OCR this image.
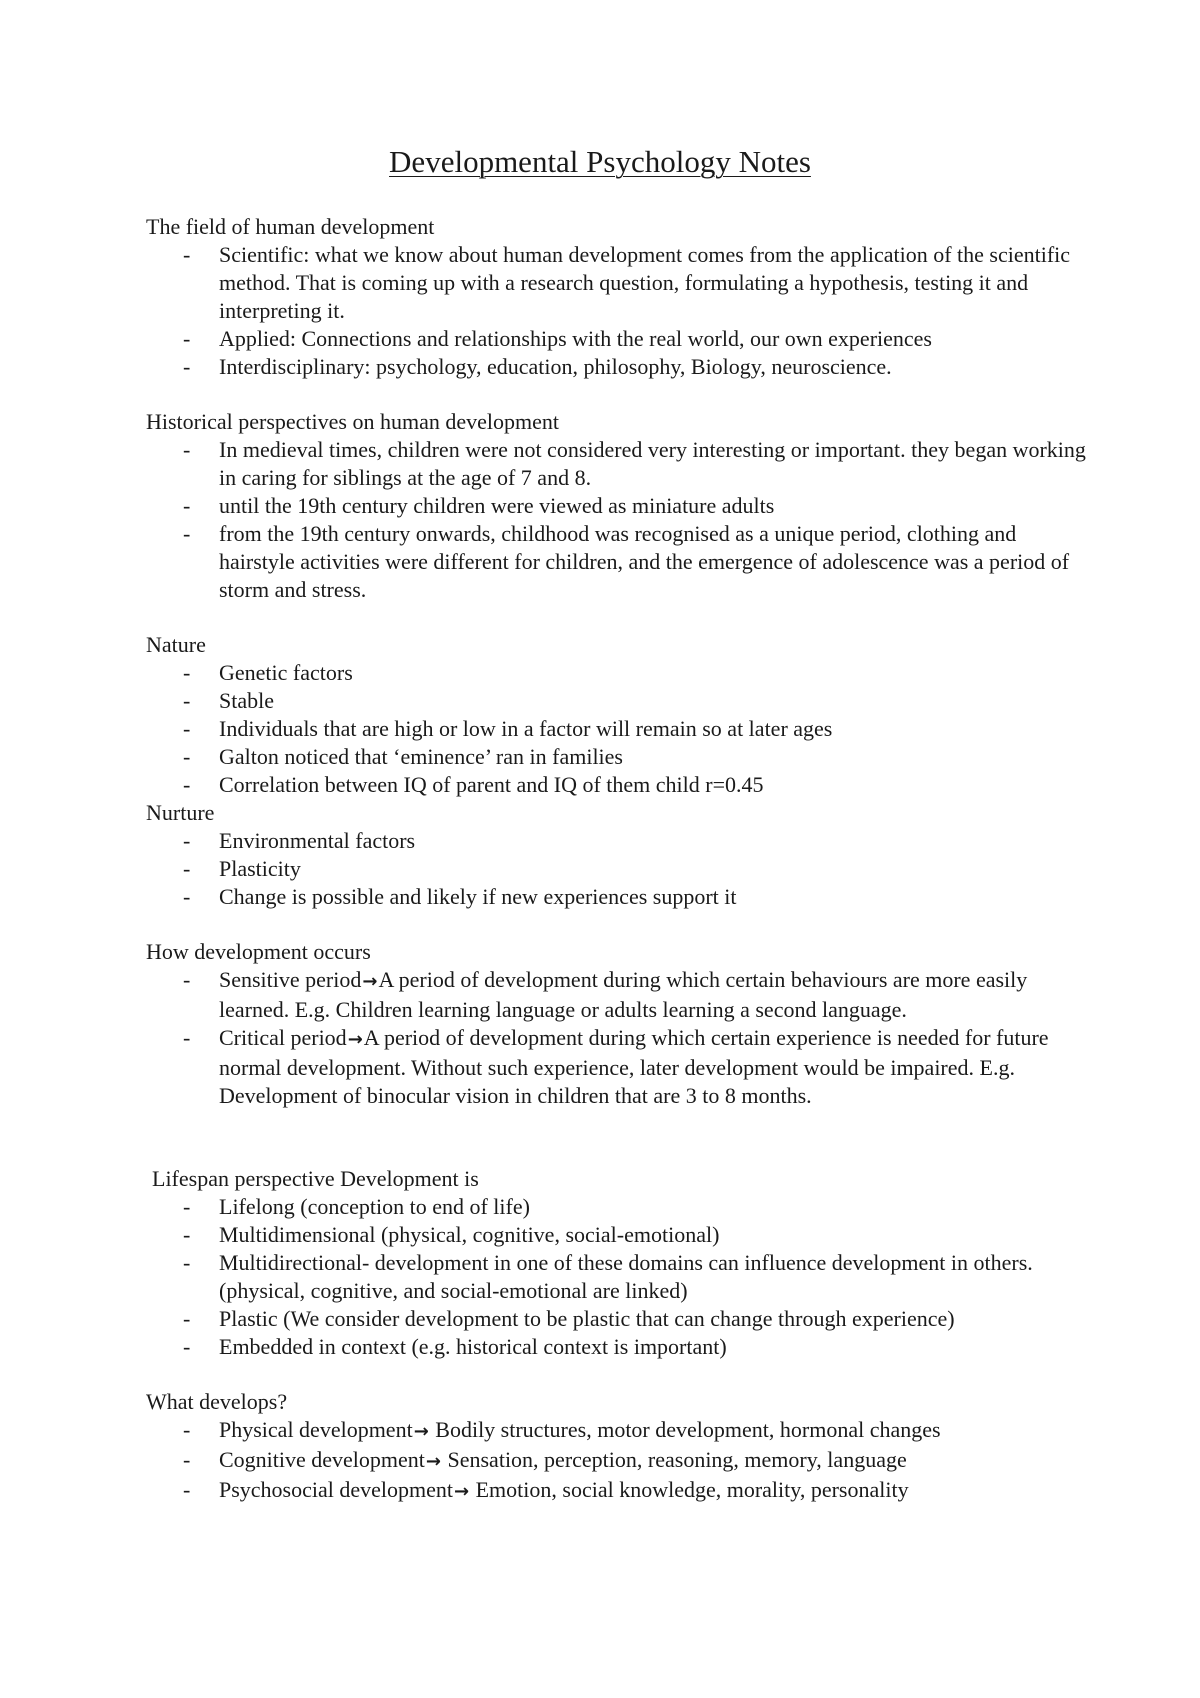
Developmental Psychology Notes
The field of human development
- Scientific: what we know about human development comes from the application of the scientific method. That is coming up with a research question, formulating a hypothesis, testing it and interpreting it.
- Applied: Connections and relationships with the real world, our own experiences
- Interdisciplinary: psychology, education, philosophy, Biology, neuroscience.
Historical perspectives on human development
- In medieval times, children were not considered very interesting or important. they began working in caring for siblings at the age of 7 and 8.
- until the 19th century children were viewed as miniature adults
- from the 19th century onwards, childhood was recognised as a unique period, clothing and hairstyle activities were different for children, and the emergence of adolescence was a period of storm and stress.
Nature
- Genetic factors
- Stable
- Individuals that are high or low in a factor will remain so at later ages
- Galton noticed that ‘eminence’ ran in families
- Correlation between IQ of parent and IQ of them child r=0.45
Nurture
- Environmental factors
- Plasticity
- Change is possible and likely if new experiences support it
How development occurs
- Sensitive period→A period of development during which certain behaviours are more easily learned. E.g. Children learning language or adults learning a second language.
- Critical period→A period of development during which certain experience is needed for future normal development. Without such experience, later development would be impaired. E.g. Development of binocular vision in children that are 3 to 8 months.
Lifespan perspective Development is
- Lifelong (conception to end of life)
- Multidimensional (physical, cognitive, social-emotional)
- Multidirectional- development in one of these domains can influence development in others. (physical, cognitive, and social-emotional are linked)
- Plastic (We consider development to be plastic that can change through experience)
- Embedded in context (e.g. historical context is important)
What develops?
- Physical development→ Bodily structures, motor development, hormonal changes
- Cognitive development→ Sensation, perception, reasoning, memory, language
- Psychosocial development→ Emotion, social knowledge, morality, personality
